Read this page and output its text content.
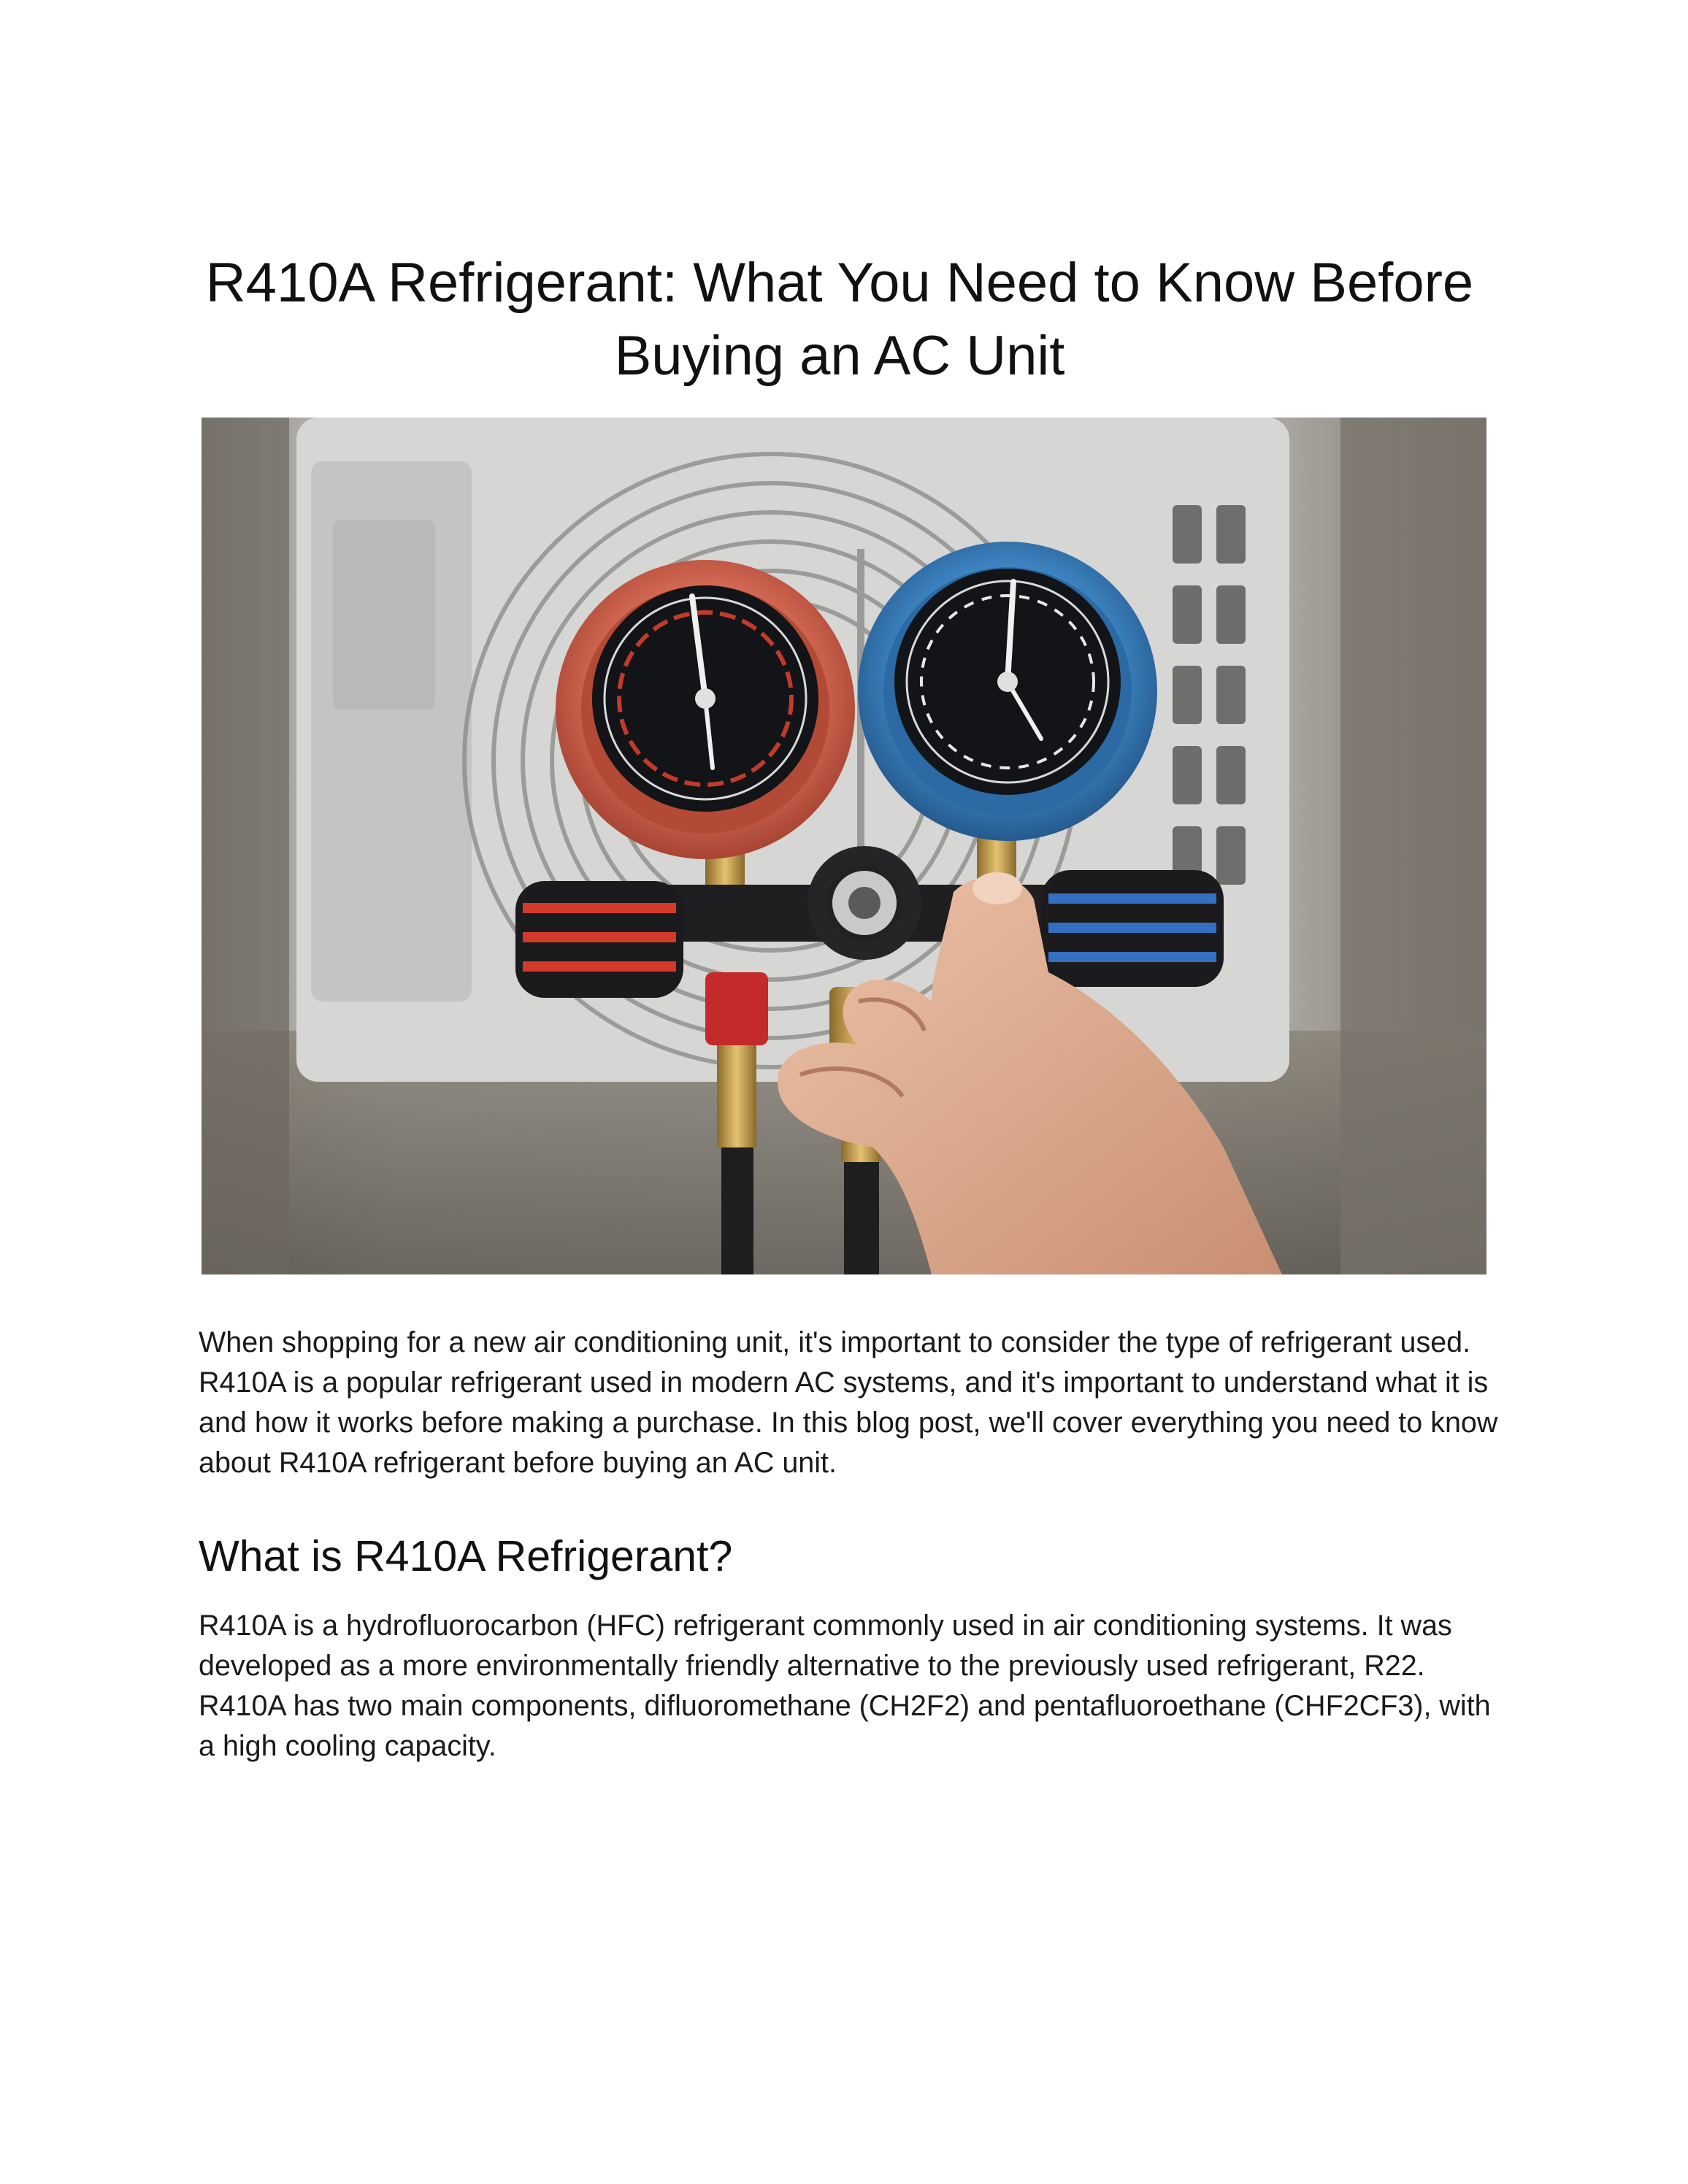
R410A Refrigerant: What You Need to Know Before Buying an AC Unit

When shopping for a new air conditioning unit, it's important to consider the type of refrigerant used. R410A is a popular refrigerant used in modern AC systems, and it's important to understand what it is and how it works before making a purchase. In this blog post, we'll cover everything you need to know about R410A refrigerant before buying an AC unit.

What is R410A Refrigerant?

R410A is a hydrofluorocarbon (HFC) refrigerant commonly used in air conditioning systems. It was developed as a more environmentally friendly alternative to the previously used refrigerant, R22. R410A has two main components, difluoromethane (CH2F2) and pentafluoroethane (CHF2CF3), with a high cooling capacity.
